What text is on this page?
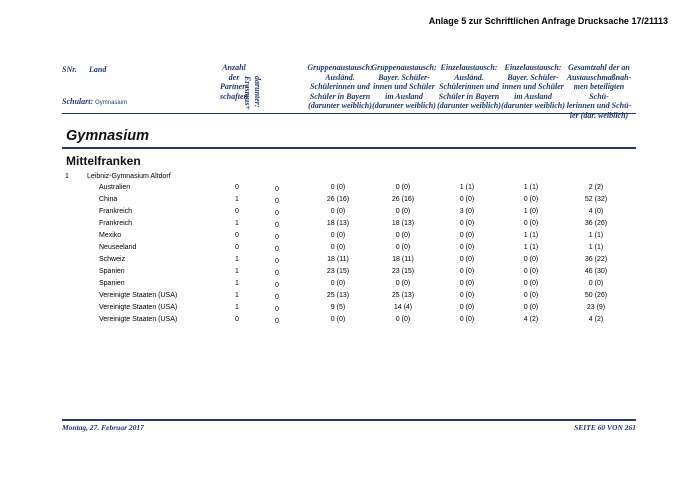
Anlage 5 zur Schriftlichen Anfrage Drucksache 17/21113
SNr. Land
Schulart: Gymnasium
Anzahl
der
Partner-
schaften darunter:
Erasmus+
Gruppenaustausch:
Ausländ.
Schülerinnen und
Schüler in Bayern
(darunter weiblich)
Gruppenaustausch:
Bayer. Schüler-
innen und Schüler
im Ausland
(darunter weiblich)
Einzelaustausch:
Ausländ.
Schülerinnen und
Schüler in Bayern
(darunter weiblich)
Einzelaustausch:
Bayer. Schüler-
innen und Schüler
im Ausland
(darunter weiblich)
Gesamtzahl der an
Austauschmaßnah-
men beteiligten Schü-
lerinnen und Schü-
ler (dar. weiblich)
Gymnasium
Mittelfranken
1	Leibniz-Gymnasium Altdorf
Australien	0	0	0 (0)	0 (0)	1 (1)	1 (1)	2 (2)
China	1	0	26 (16)	26 (16)	0 (0)	0 (0)	52 (32)
Frankreich	0	0	0 (0)	0 (0)	3 (0)	1 (0)	4 (0)
Frankreich	1	0	18 (13)	18 (13)	0 (0)	0 (0)	36 (26)
Mexiko	0	0	0 (0)	0 (0)	0 (0)	1 (1)	1 (1)
Neuseeland	0	0	0 (0)	0 (0)	0 (0)	1 (1)	1 (1)
Schweiz	1	0	18 (11)	18 (11)	0 (0)	0 (0)	36 (22)
Spanien	1	0	23 (15)	23 (15)	0 (0)	0 (0)	46 (30)
Spanien	1	0	0 (0)	0 (0)	0 (0)	0 (0)	0 (0)
Vereinigte Staaten (USA)	1	0	25 (13)	25 (13)	0 (0)	0 (0)	50 (26)
Vereinigte Staaten (USA)	1	0	9 (5)	14 (4)	0 (0)	0 (0)	23 (9)
Vereinigte Staaten (USA)	0	0	0 (0)	0 (0)	0 (0)	4 (2)	4 (2)
Montag, 27. Februar 2017	SEITE 60 VON 261
